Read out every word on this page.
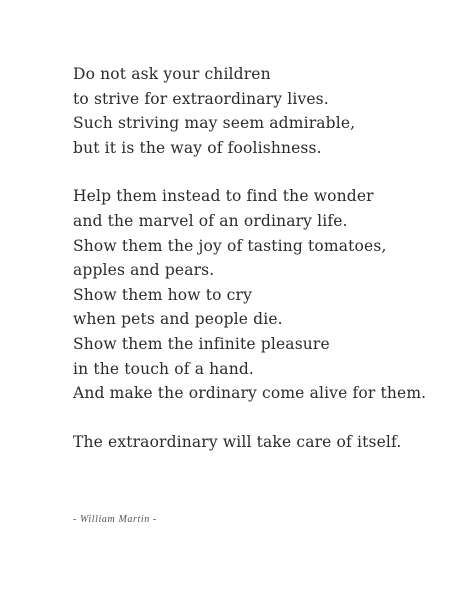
Do not ask your children
to strive for extraordinary lives.
Such striving may seem admirable,
but it is the way of foolishness.
Help them instead to find the wonder
and the marvel of an ordinary life.
Show them the joy of tasting tomatoes,
apples and pears.
Show them how to cry
when pets and people die.
Show them the infinite pleasure
in the touch of a hand.
And make the ordinary come alive for them.
The extraordinary will take care of itself.
- William Martin -
